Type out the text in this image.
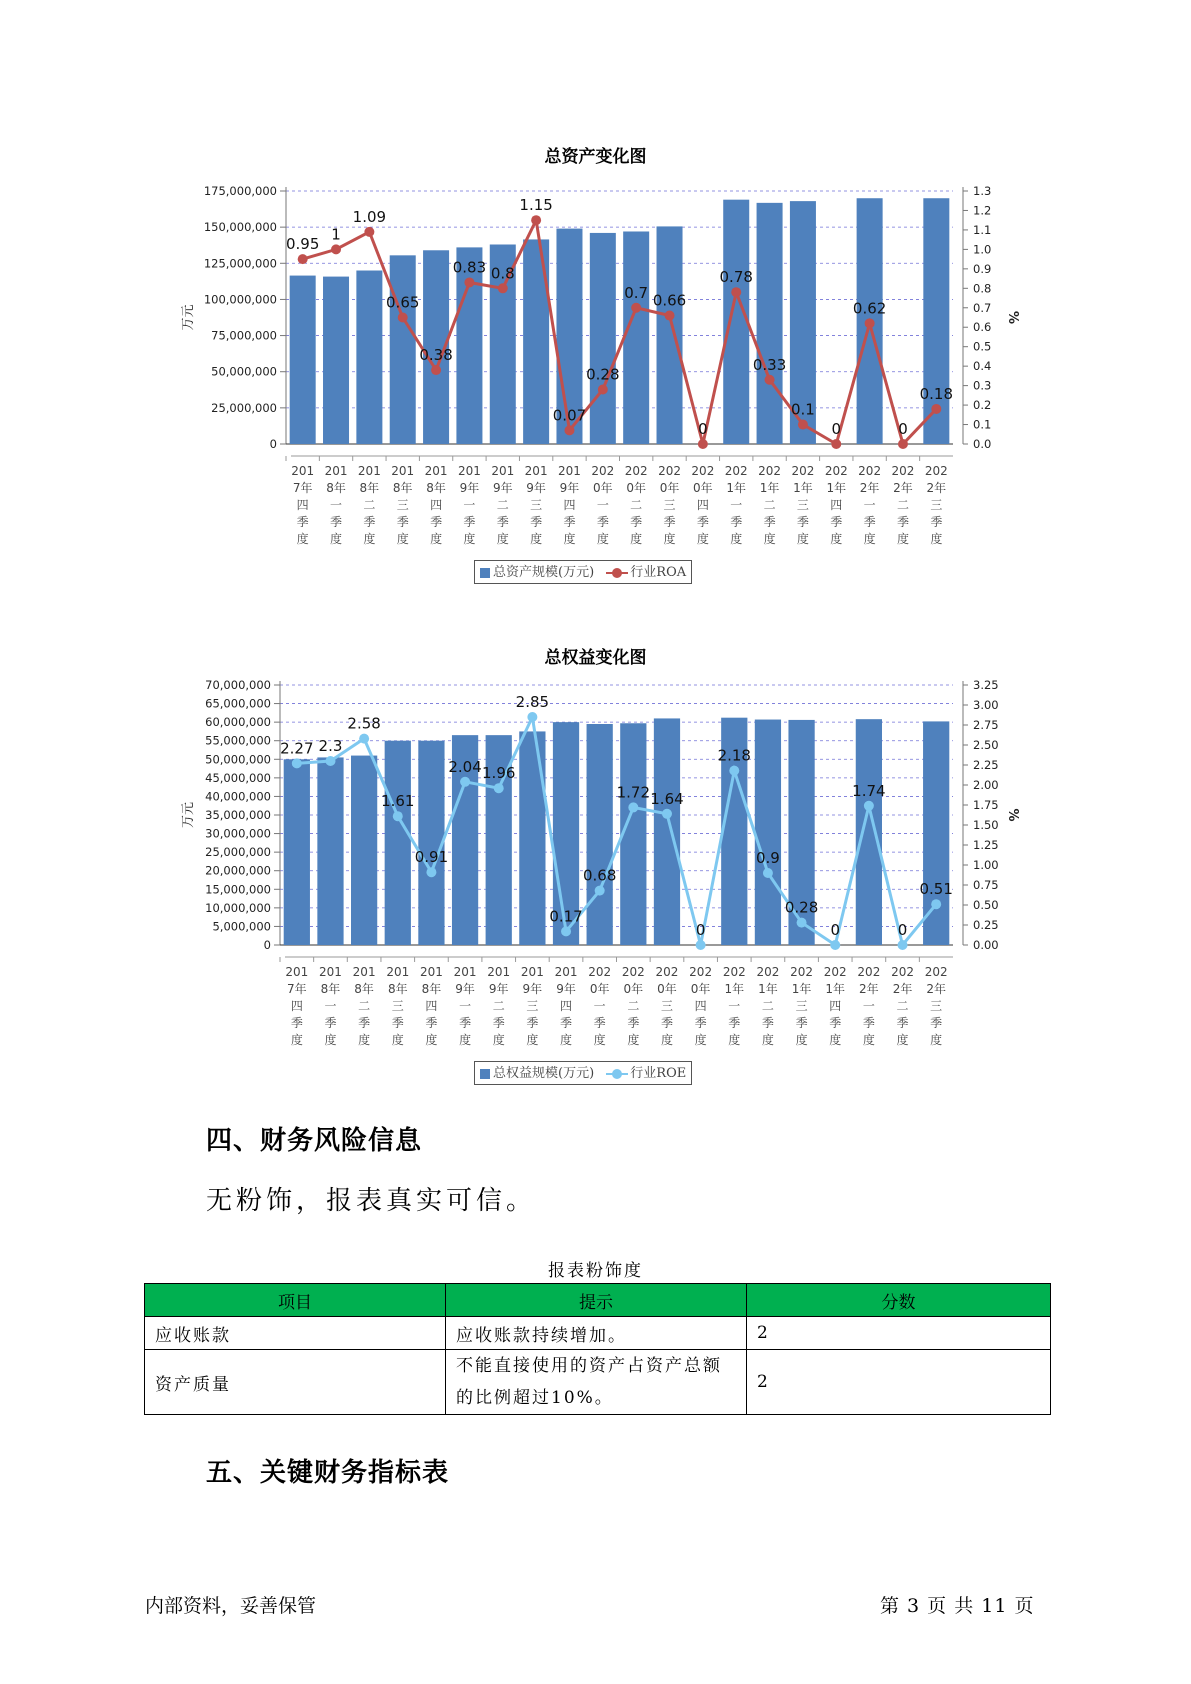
总资产变化图
0
25,000,000
50,000,000
75,000,000
100,000,000
125,000,000
150,000,000
175,000,000
0.0
0.1
0.2
0.3
0.4
0.5
0.6
0.7
0.8
0.9
1.0
1.1
1.2
1.3
万元	%
201
7年
四
季
度
201
8年
一
季
度
201
8年
二
季
度
201
8年
三
季
度
201
8年
四
季
度
201
9年
一
季
度
201
9年
二
季
度
201
9年
三
季
度
201
9年
四
季
度
202
0年
一
季
度
202
0年
二
季
度
202
0年
三
季
度
202
0年
四
季
度
202
1年
一
季
度
202
1年
二
季
度
202
1年
三
季
度
202
1年
四
季
度
202
2年
一
季
度
202
2年
二
季
度
202
2年
三
季
度
0.95
1
1.09
0.65
0.38
0.83 0.8
1.15
0.07
0.28
0.7 0.66
0
0.78
0.33
0.1
0
0.62
0
0.18
总资产规模(万元)	行业ROA
总权益变化图
0
5,000,000
10,000,000
15,000,000
20,000,000
25,000,000
30,000,000
35,000,000
40,000,000
45,000,000
50,000,000
55,000,000
60,000,000
65,000,000
70,000,000
0.00
0.25
0.50
0.75
1.00
1.25
1.50
1.75
2.00
2.25
2.50
2.75
3.00
3.25
万元	%
201
7年
四
季
度
201
8年
一
季
度
201
8年
二
季
度
201
8年
三
季
度
201
8年
四
季
度
201
9年
一
季
度
201
9年
二
季
度
201
9年
三
季
度
201
9年
四
季
度
202
0年
一
季
度
202
0年
二
季
度
202
0年
三
季
度
202
0年
四
季
度
202
1年
一
季
度
202
1年
二
季
度
202
1年
三
季
度
202
1年
四
季
度
202
2年
一
季
度
202
2年
二
季
度
202
2年
三
季
度
2.27 2.3
2.58
1.61
0.91
2.04 1.96
2.85
0.17
0.68
1.72 1.64
0
2.18
0.9
0.28
0
1.74
0
0.51
总权益规模(万元)	行业ROE
四、财务风险信息
无粉饰，报表真实可信。
报表粉饰度
项目	提示	分数
应收账款	应收账款持续增加。	2
资产质量	不能直接使用的资产占资产总额的比例超过10%。	2
五、关键财务指标表
内部资料，妥善保管	第 3 页 共 11 页
